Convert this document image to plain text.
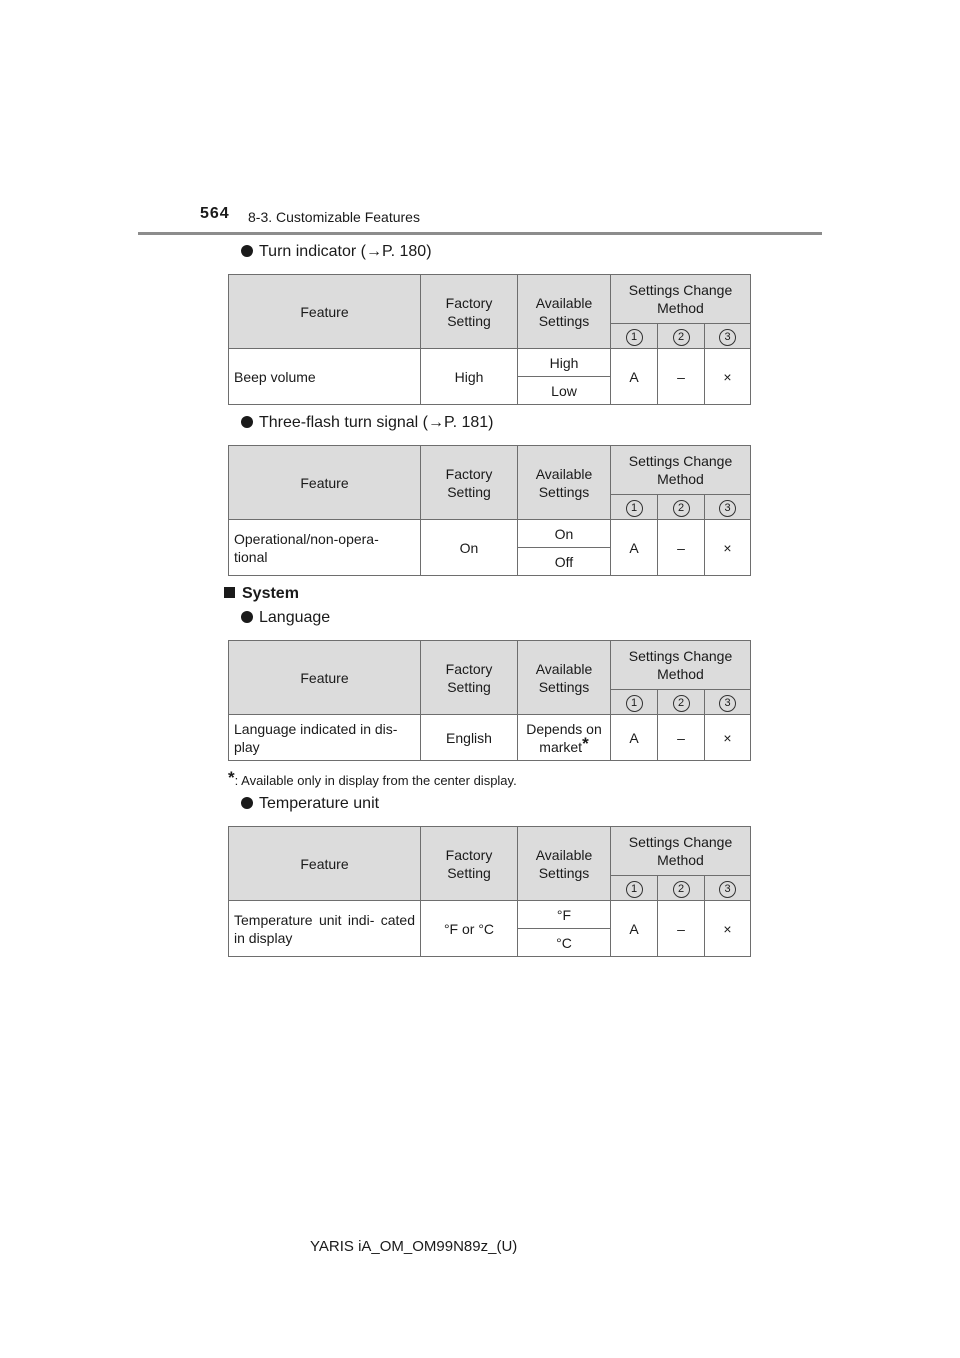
564 8-3. Customizable Features
Turn indicator (→P. 180)
Feature	Factory Setting	Available Settings	Settings Change Method		

			1	2	3
Beep volume	High	High	A	–	×
		Low			
Three-flash turn signal (→P. 181)
Feature	Factory Setting	Available Settings	Settings Change Method		

			1	2	3
Operational/non-opera- tional	On	On	A	–	×
		Off			
System
Language
Feature	Factory Setting	Available Settings	Settings Change Method		

			1	2	3
Language indicated in dis- play	English	Depends on market*	A	–	×
*: Available only in display from the center display.
Temperature unit
Feature	Factory Setting	Available Settings	Settings Change Method		

			1	2	3
Temperature unit indi- cated in display	°F or °C	°F	A	–	×
		°C			
YARIS iA_OM_OM99N89z_(U)
